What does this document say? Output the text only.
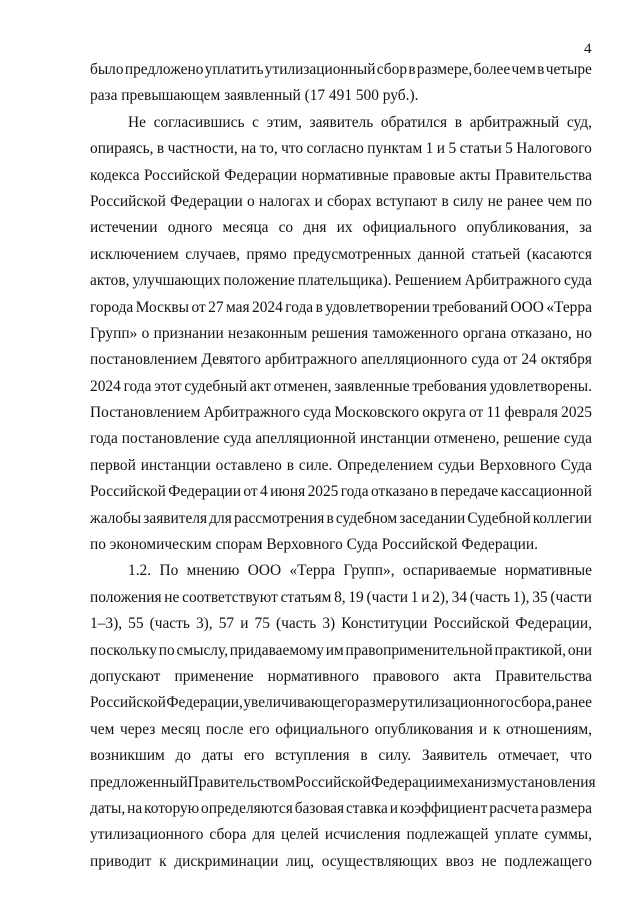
4
было предложено уплатить утилизационный сбор в размере, более чем в четыре
раза превышающем заявленный (17 491 500 руб.).
Не согласившись с этим, заявитель обратился в арбитражный суд,
опираясь, в частности, на то, что согласно пунктам 1 и 5 статьи 5 Налогового
кодекса Российской Федерации нормативные правовые акты Правительства
Российской Федерации о налогах и сборах вступают в силу не ранее чем по
истечении одного месяца со дня их официального опубликования, за
исключением случаев, прямо предусмотренных данной статьей (касаются
актов, улучшающих положение плательщика). Решением Арбитражного суда
города Москвы от 27 мая 2024 года в удовлетворении требований ООО «Терра
Групп» о признании незаконным решения таможенного органа отказано, но
постановлением Девятого арбитражного апелляционного суда от 24 октября
2024 года этот судебный акт отменен, заявленные требования удовлетворены.
Постановлением Арбитражного суда Московского округа от 11 февраля 2025
года постановление суда апелляционной инстанции отменено, решение суда
первой инстанции оставлено в силе. Определением судьи Верховного Суда
Российской Федерации от 4 июня 2025 года отказано в передаче кассационной
жалобы заявителя для рассмотрения в судебном заседании Судебной коллегии
по экономическим спорам Верховного Суда Российской Федерации.
1.2. По мнению ООО «Терра Групп», оспариваемые нормативные
положения не соответствуют статьям 8, 19 (части 1 и 2), 34 (часть 1), 35 (части
1–3), 55 (часть 3), 57 и 75 (часть 3) Конституции Российской Федерации,
поскольку по смыслу, придаваемому им правоприменительной практикой, они
допускают применение нормативного правового акта Правительства
Российской Федерации, увеличивающего размер утилизационного сбора, ранее
чем через месяц после его официального опубликования и к отношениям,
возникшим до даты его вступления в силу. Заявитель отмечает, что
предложенный Правительством Российской Федерации механизм установления
даты, на которую определяются базовая ставка и коэффициент расчета размера
утилизационного сбора для целей исчисления подлежащей уплате суммы,
приводит к дискриминации лиц, осуществляющих ввоз не подлежащего
